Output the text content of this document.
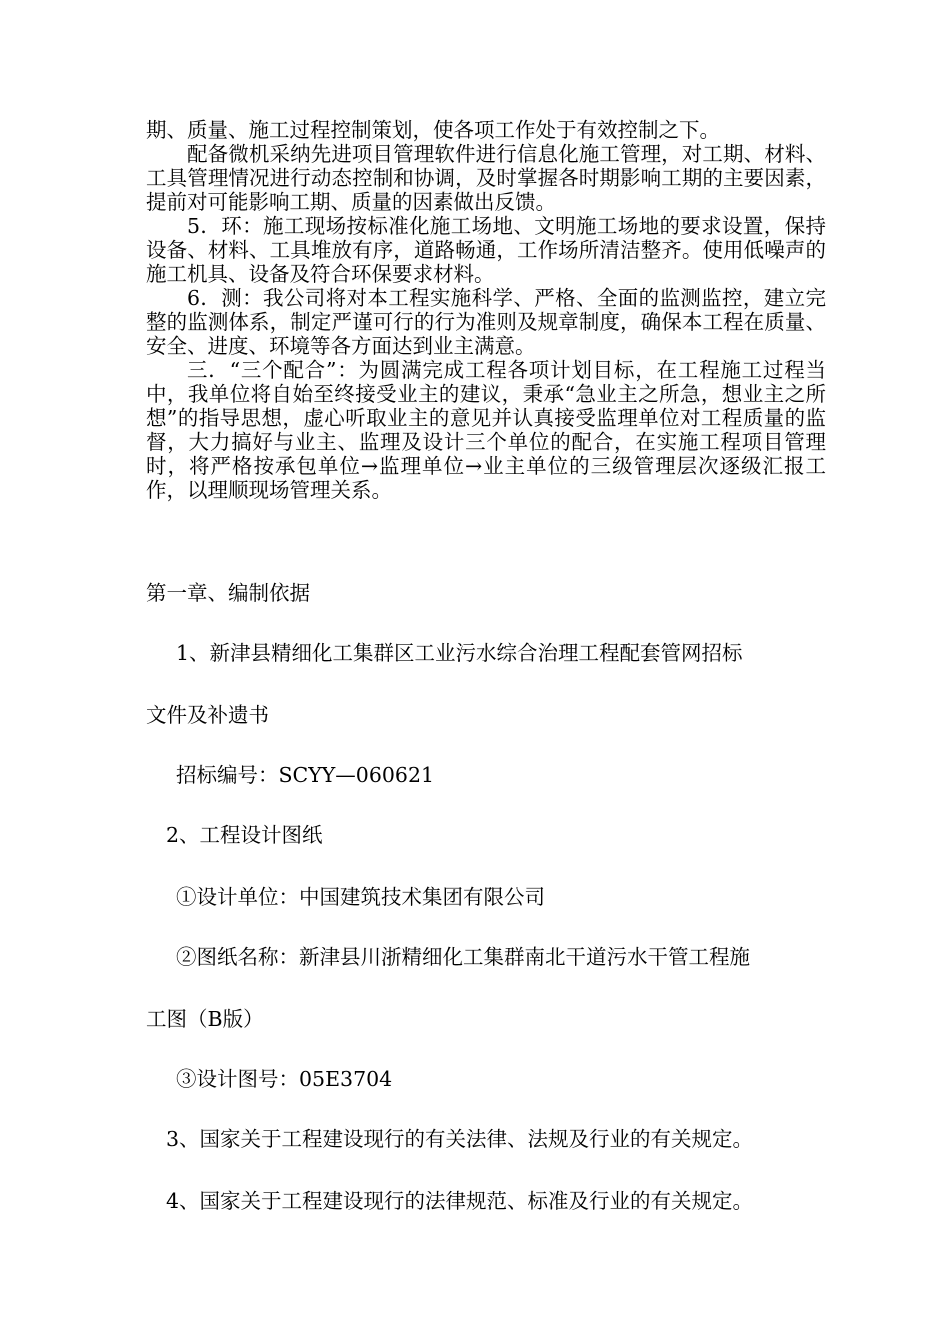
期、质量、施工过程控制策划，使各项工作处于有效控制之下。

配备微机采纳先进项目管理软件进行信息化施工管理，对工期、材料、工具管理情况进行动态控制和协调，及时掌握各时期影响工期的主要因素，提前对可能影响工期、质量的因素做出反馈。

5．环：施工现场按标准化施工场地、文明施工场地的要求设置，保持设备、材料、工具堆放有序，道路畅通，工作场所清洁整齐。使用低噪声的施工机具、设备及符合环保要求材料。

6．测：我公司将对本工程实施科学、严格、全面的监测监控，建立完整的监测体系，制定严谨可行的行为准则及规章制度，确保本工程在质量、安全、进度、环境等各方面达到业主满意。

三．“三个配合”：为圆满完成工程各项计划目标，在工程施工过程当中，我单位将自始至终接受业主的建议，秉承“急业主之所急，想业主之所想”的指导思想，虚心听取业主的意见并认真接受监理单位对工程质量的监督，大力搞好与业主、监理及设计三个单位的配合，在实施工程项目管理时，将严格按承包单位→监理单位→业主单位的三级管理层次逐级汇报工作，以理顺现场管理关系。

第一章、编制依据

1、新津县精细化工集群区工业污水综合治理工程配套管网招标

文件及补遗书

招标编号：SCYY—060621

2、工程设计图纸

①设计单位：中国建筑技术集团有限公司

②图纸名称：新津县川浙精细化工集群南北干道污水干管工程施

工图（B版）

③设计图号：05E3704

3、国家关于工程建设现行的有关法律、法规及行业的有关规定。

4、国家关于工程建设现行的法律规范、标准及行业的有关规定。
